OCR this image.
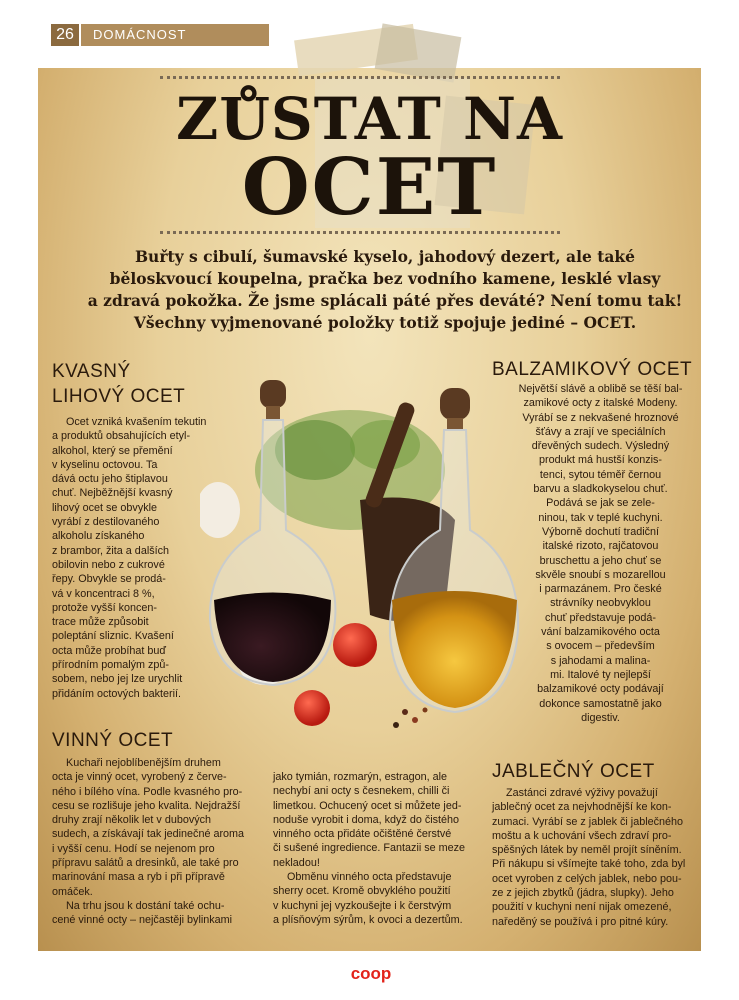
26	DOMÁCNOST
ZŮSTAT NA
OCET

Buřty s cibulí, šumavské kyselo, jahodový dezert, ale také

běloskvoucí koupelna, pračka bez vodního kamene, lesklé vlasy

a zdravá pokožka. Že jsme splácali páté přes deváté? Není tomu tak!

Všechny vyjmenované položky totiž spojuje jediné – OCET.

KVASNÝ
LIHOVÝ OCET

Ocet vzniká kvašením tekutin

a produktů obsahujících etyl-

alkohol, který se přemění

v kyselinu octovou. Ta

dává octu jeho štiplavou

chuť. Nejběžnější kvasný

lihový ocet se obvykle

vyrábí z destilovaného

alkoholu získaného

z brambor, žita a dalších

obilovin nebo z cukrové

řepy. Obvykle se prodá-

vá v koncentraci 8 %,

protože vyšší koncen-

trace může způsobit

poleptání sliznic. Kvašení

octa může probíhat buď

přírodním pomalým způ-

sobem, nebo jej lze urychlit

přidáním octových bakterií.

BALZAMIKOVÝ OCET

Největší slávě a oblibě se těší bal-

zamikové octy z italské Modeny.

Vyrábí se z nekvašené hroznové

šťávy a zrají ve speciálních

dřevěných sudech. Výsledný

produkt má hustší konzis-

tenci, sytou téměř černou

barvu a sladkokyselou chuť.

Podává se jak se zele-

ninou, tak v teplé kuchyni.

Výborně dochutí tradiční

italské rizoto, rajčatovou

bruschettu a jeho chuť se

skvěle snoubí s mozarellou

i parmazánem. Pro české

strávníky neobvyklou

chuť představuje podá-

vání balzamikového octa

s ovocem – především

s jahodami a malina-

mi. Italové ty nejlepší

balzamikové octy podávají

dokonce samostatně jako

digestiv.

VINNÝ OCET

Kuchaři nejoblíbenějším druhem

octa je vinný ocet, vyrobený z červe-

ného i bílého vína. Podle kvasného pro-

cesu se rozlišuje jeho kvalita. Nejdražší

druhy zrají několik let v dubových

sudech, a získávají tak jedinečné aroma

i vyšší cenu. Hodí se nejenom pro

přípravu salátů a dresinků, ale také pro

marinování masa a ryb i při přípravě

omáček.

Na trhu jsou k dostání také ochu-

cené vinné octy – nejčastěji bylinkami

jako tymián, rozmarýn, estragon, ale

nechybí ani octy s česnekem, chilli či

limetkou. Ochucený ocet si můžete jed-

noduše vyrobit i doma, když do čistého

vinného octa přidáte očištěné čerstvé

či sušené ingredience. Fantazii se meze

nekladou!

Obměnu vinného octa představuje

sherry ocet. Kromě obvyklého použití

v kuchyni jej vyzkoušejte i k čerstvým

a plísňovým sýrům, k ovoci a dezertům.

JABLEČNÝ OCET

Zastánci zdravé výživy považují

jablečný ocet za nejvhodnější ke kon-

zumaci. Vyrábí se z jablek či jablečného

moštu a k uchování všech zdraví pro-

spěšných látek by neměl projít síněním.

Při nákupu si všímejte také toho, zda byl

ocet vyroben z celých jablek, nebo pou-

ze z jejich zbytků (jádra, slupky). Jeho

použití v kuchyni není nijak omezené,

naředěný se používá i pro pitné kúry.

coop
